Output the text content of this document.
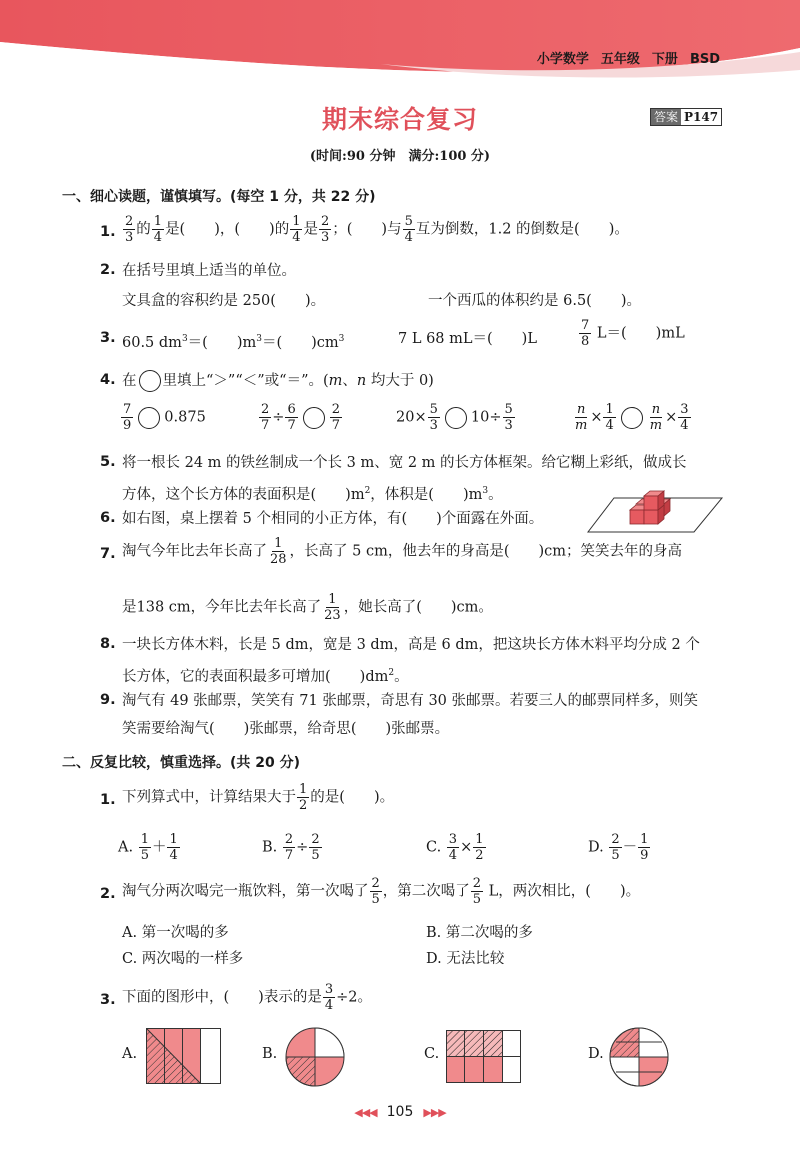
小学数学 五年级 下册 BSD
期末综合复习	答案 P147
(时间:90 分钟　满分:100 分)
一、细心读题，谨慎填写。(每空 1 分，共 22 分)
1. $\frac{2}{3}$ 的 $\frac{1}{4}$ 是(　　)，(　　)的 $\frac{1}{4}$ 是 $\frac{2}{3}$ ；(　　)与 $\frac{5}{4}$ 互为倒数，1.2 的倒数是(　　)。
2. 在括号里填上适当的单位。
文具盒的容积约是 250(　　)。	一个西瓜的体积约是 6.5(　　)。
3. 60.5 $dm^3=$(　　)$m^3=$(　　)$cm^3$	7 L 68 mL＝(　　)L	$\frac{7}{8} L=$(　　)mL
4. 在 里填上“＞”“＜”或“＝”。(m、n 均大于 0)
$\frac{7}{9} 0.875$	$\frac{2}{7} \div \frac{6}{7} \frac{2}{7}$	$20\times \frac{5}{3} 10\div \frac{5}{3}$	$\frac{n}{m} \times \frac{1}{4} \frac{n}{m} \times \frac{3}{4}$
5. 将一根长 24 m 的铁丝制成一个长 3 m、宽 2 m 的长方体框架。给它糊上彩纸，做成长
方体，这个长方体的表面积是(　　)$m^2$，体积是(　　)$m^3$。
6. 如右图，桌上摆着 5 个相同的小正方体，有(　　)个面露在外面。
7. 淘气今年比去年长高了 $\frac{1}{28}$ ，长高了 5 cm，他去年的身高是(　　)cm；笑笑去年的身高
是138 cm，今年比去年长高了 $\frac{1}{23}$ ，她长高了(　　)cm。
8. 一块长方体木料，长是 5 dm，宽是 3 dm，高是 6 dm，把这块长方体木料平均分成 2 个
长方体，它的表面积最多可增加(　　)$dm^2$。
9. 淘气有 49 张邮票，笑笑有 71 张邮票，奇思有 30 张邮票。若要三人的邮票同样多，则笑
笑需要给淘气(　　)张邮票，给奇思(　　)张邮票。
二、反复比较，慎重选择。(共 20 分)
1. 下列算式中，计算结果大于 $\frac{1}{2}$ 的是(　　)。
A. $\frac{1}{5} + \frac{1}{4}$	B. $\frac{2}{7} \div \frac{2}{5}$	C. $\frac{3}{4} \times \frac{1}{2}$	D. $\frac{2}{5} - \frac{1}{9}$
2. 淘气分两次喝完一瓶饮料，第一次喝了 $\frac{2}{5}$ ，第二次喝了 $\frac{2}{5}$ L，两次相比，(　　)。
A. 第一次喝的多	B. 第二次喝的多
C. 两次喝的一样多	D. 无法比较
3. 下面的图形中，(　　)表示的是 $\frac{3}{4} \div 2$。
A.	B.	C.	D.
◀◀◀ 105 ▶▶▶
